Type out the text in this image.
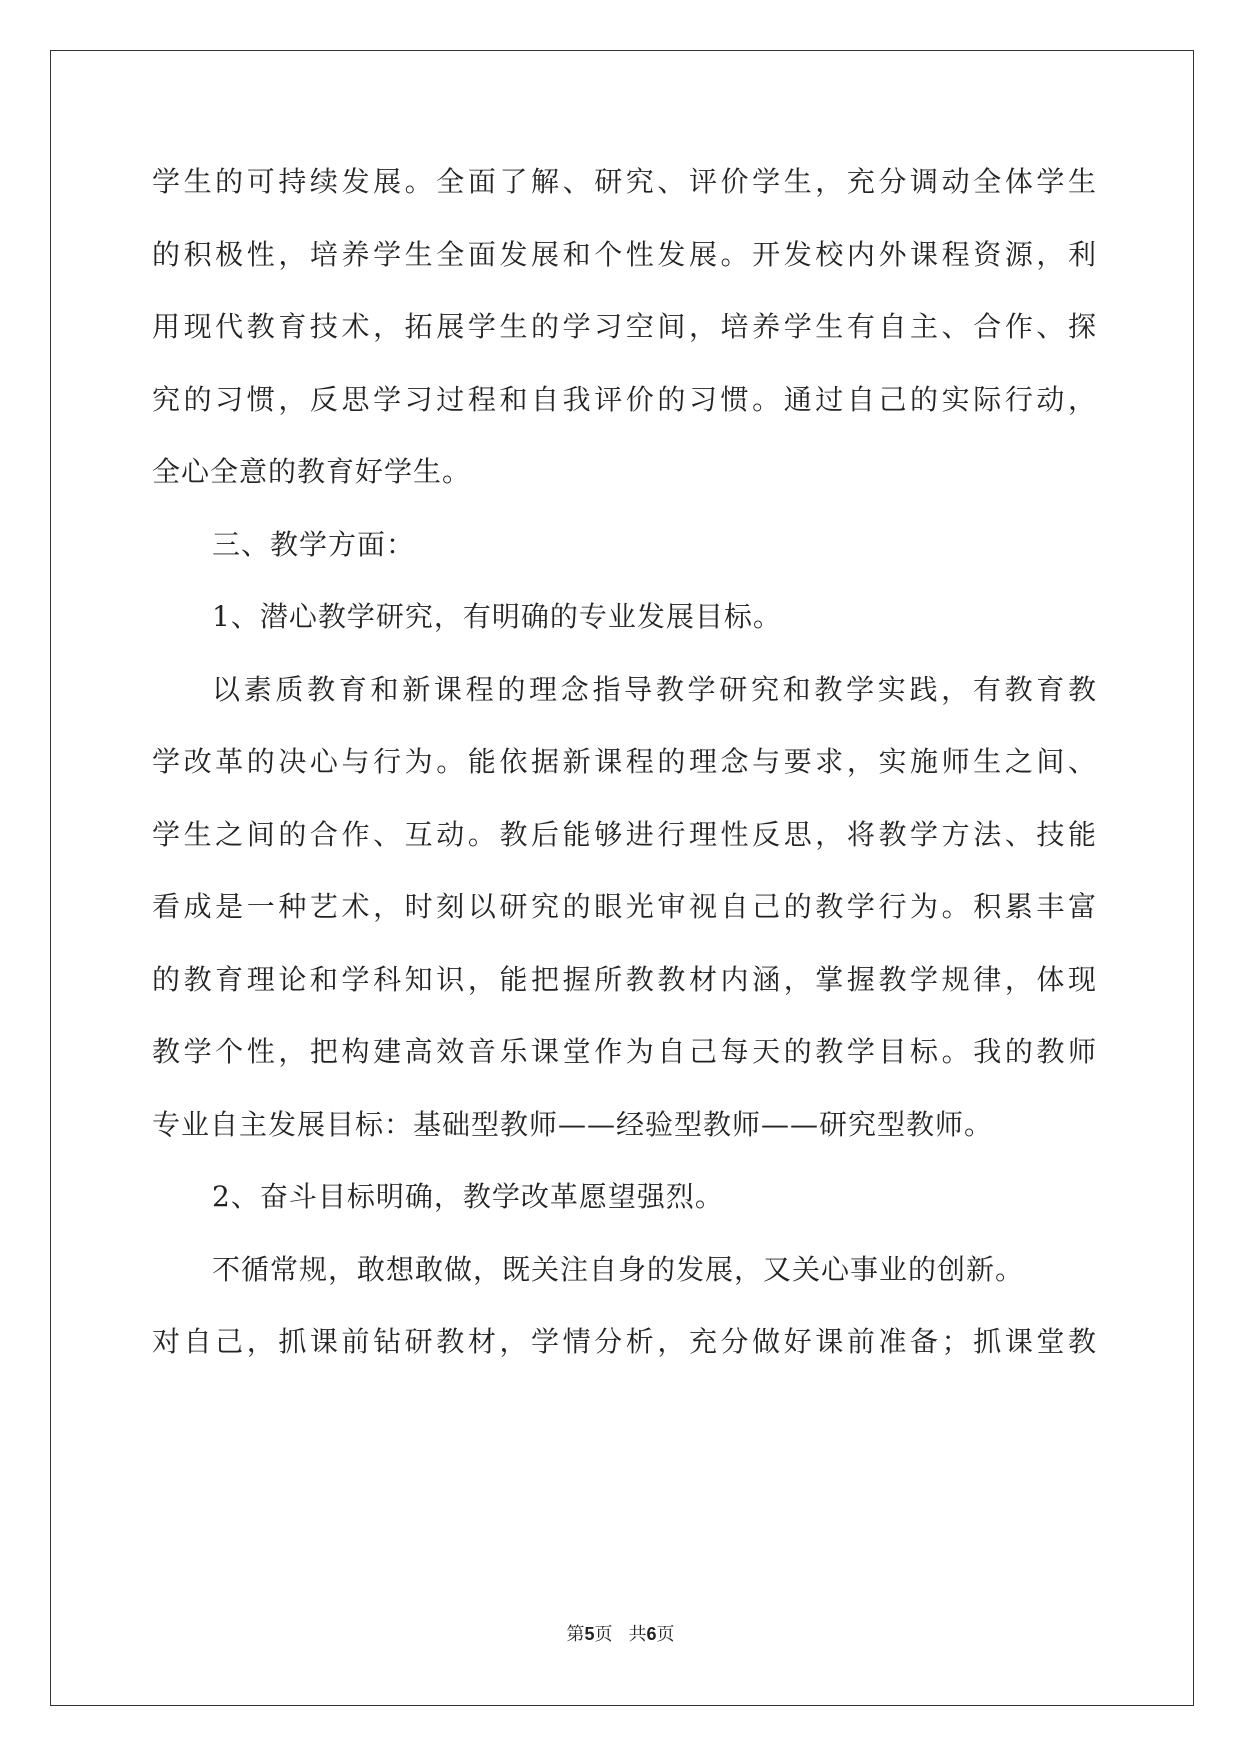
学生的可持续发展。全面了解、研究、评价学生，充分调动全体学生
的积极性，培养学生全面发展和个性发展。开发校内外课程资源，利
用现代教育技术，拓展学生的学习空间，培养学生有自主、合作、探
究的习惯，反思学习过程和自我评价的习惯。通过自己的实际行动，
全心全意的教育好学生。
三、教学方面：
1、潜心教学研究，有明确的专业发展目标。
以素质教育和新课程的理念指导教学研究和教学实践，有教育教
学改革的决心与行为。能依据新课程的理念与要求，实施师生之间、
学生之间的合作、互动。教后能够进行理性反思，将教学方法、技能
看成是一种艺术，时刻以研究的眼光审视自己的教学行为。积累丰富
的教育理论和学科知识，能把握所教教材内涵，掌握教学规律，体现
教学个性，把构建高效音乐课堂作为自己每天的教学目标。我的教师
专业自主发展目标：基础型教师——经验型教师——研究型教师。
2、奋斗目标明确，教学改革愿望强烈。
不循常规，敢想敢做，既关注自身的发展，又关心事业的创新。
对自己，抓课前钻研教材，学情分析，充分做好课前准备；抓课堂教
第5页 共6页
